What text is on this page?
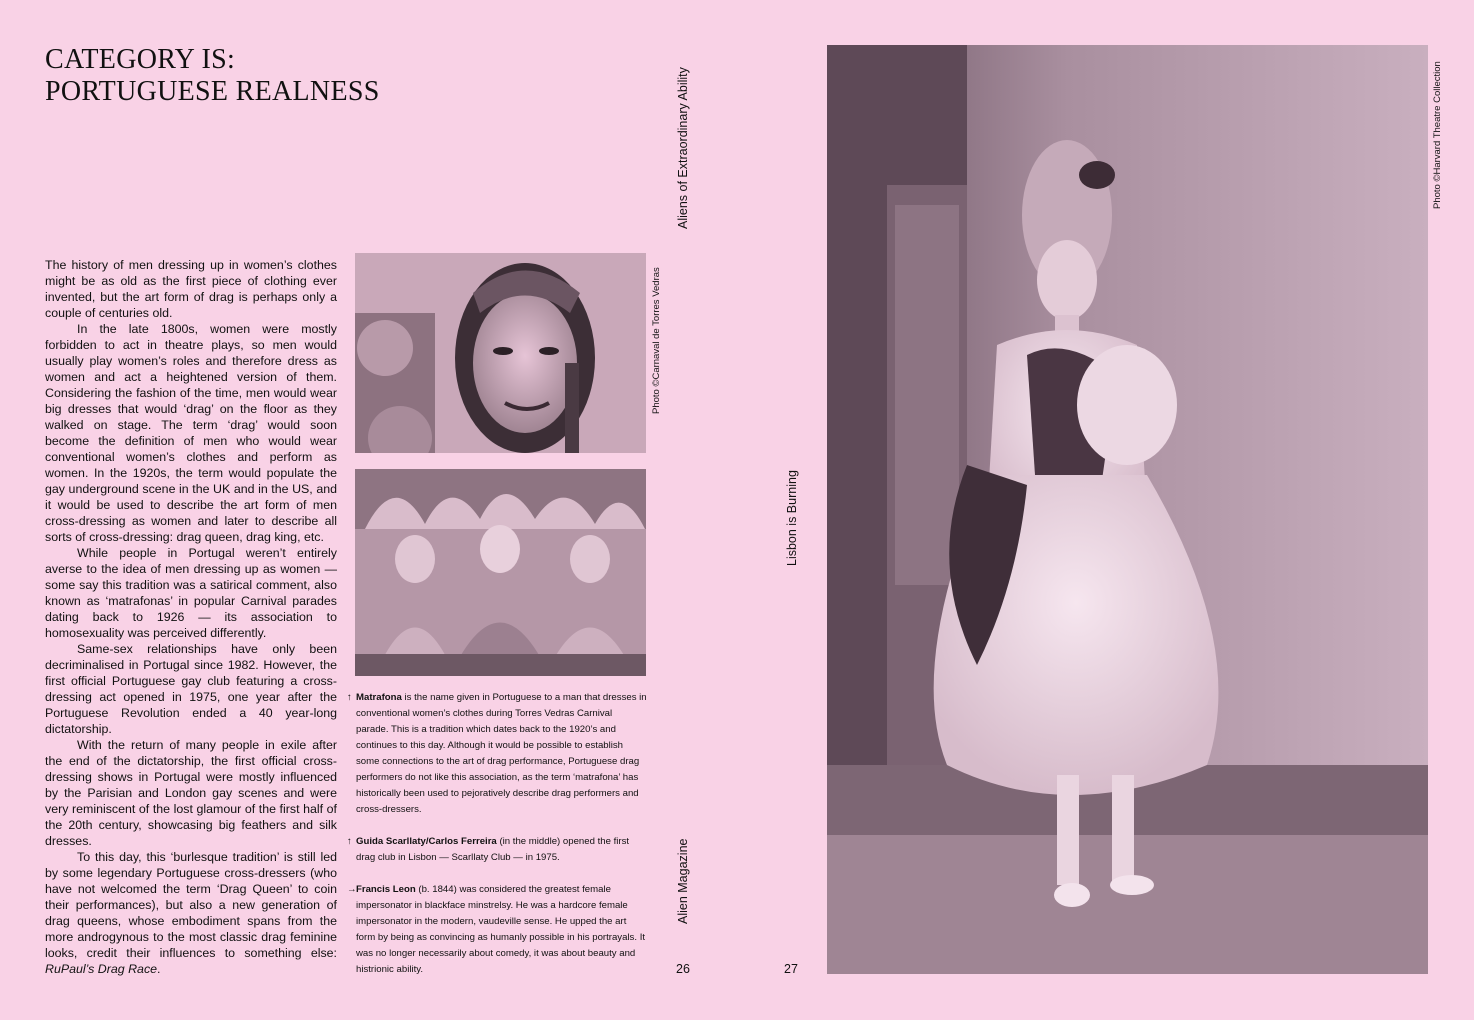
CATEGORY IS:
PORTUGUESE REALNESS

The history of men dressing up in women’s clothes might be as old as the first piece of clothing ever invented, but the art form of drag is perhaps only a couple of centuries old.

In the late 1800s, women were mostly forbidden to act in theatre plays, so men would usually play women’s roles and therefore dress as women and act a heightened version of them. Considering the fashion of the time, men would wear big dresses that would ‘drag’ on the floor as they walked on stage. The term ‘drag’ would soon become the definition of men who would wear conventional women’s clothes and perform as women. In the 1920s, the term would populate the gay underground scene in the UK and in the US, and it would be used to describe the art form of men cross-dressing as women and later to describe all sorts of cross-dressing: drag queen, drag king, etc.

While people in Portugal weren’t entirely averse to the idea of men dressing up as women — some say this tradition was a satirical comment, also known as ‘matrafonas’ in popular Carnival parades dating back to 1926 — its association to homosexuality was perceived differently.

Same-sex relationships have only been decriminalised in Portugal since 1982. However, the first official Portuguese gay club featuring a cross-dressing act opened in 1975, one year after the Portuguese Revolution ended a 40 year-long dictatorship.

With the return of many people in exile after the end of the dictatorship, the first official cross-dressing shows in Portugal were mostly influenced by the Parisian and London gay scenes and were very reminiscent of the lost glamour of the first half of the 20th century, showcasing big feathers and silk dresses.

To this day, this ‘burlesque tradition’ is still led by some legendary Portuguese cross-dressers (who have not welcomed the term ‘Drag Queen’ to coin their performances), but also a new generation of drag queens, whose embodiment spans from the more androgynous to the most classic drag feminine looks, credit their influences to something else: RuPaul’s Drag Race.

Photo ©Carnaval de Torres Vedras
Aliens of Extraordinary Ability
Alien Magazine
Lisbon is Burning
Photo ©Harvard Theatre Collection

↑ Matrafona is the name given in Portuguese to a man that dresses in conventional women’s clothes during Torres Vedras Carnival parade. This is a tradition which dates back to the 1920’s and continues to this day. Although it would be possible to establish some connections to the art of drag performance, Portuguese drag performers do not like this association, as the term ‘matrafona’ has historically been used to pejoratively describe drag performers and cross-dressers.

↑ Guida Scarllaty/Carlos Ferreira (in the middle) opened the first drag club in Lisbon — Scarllaty Club — in 1975.

→ Francis Leon (b. 1844) was considered the greatest female impersonator in blackface minstrelsy. He was a hardcore female impersonator in the modern, vaudeville sense. He upped the art form by being as convincing as humanly possible in his portrayals. It was no longer necessarily about comedy, it was about beauty and histrionic ability.	26	27
